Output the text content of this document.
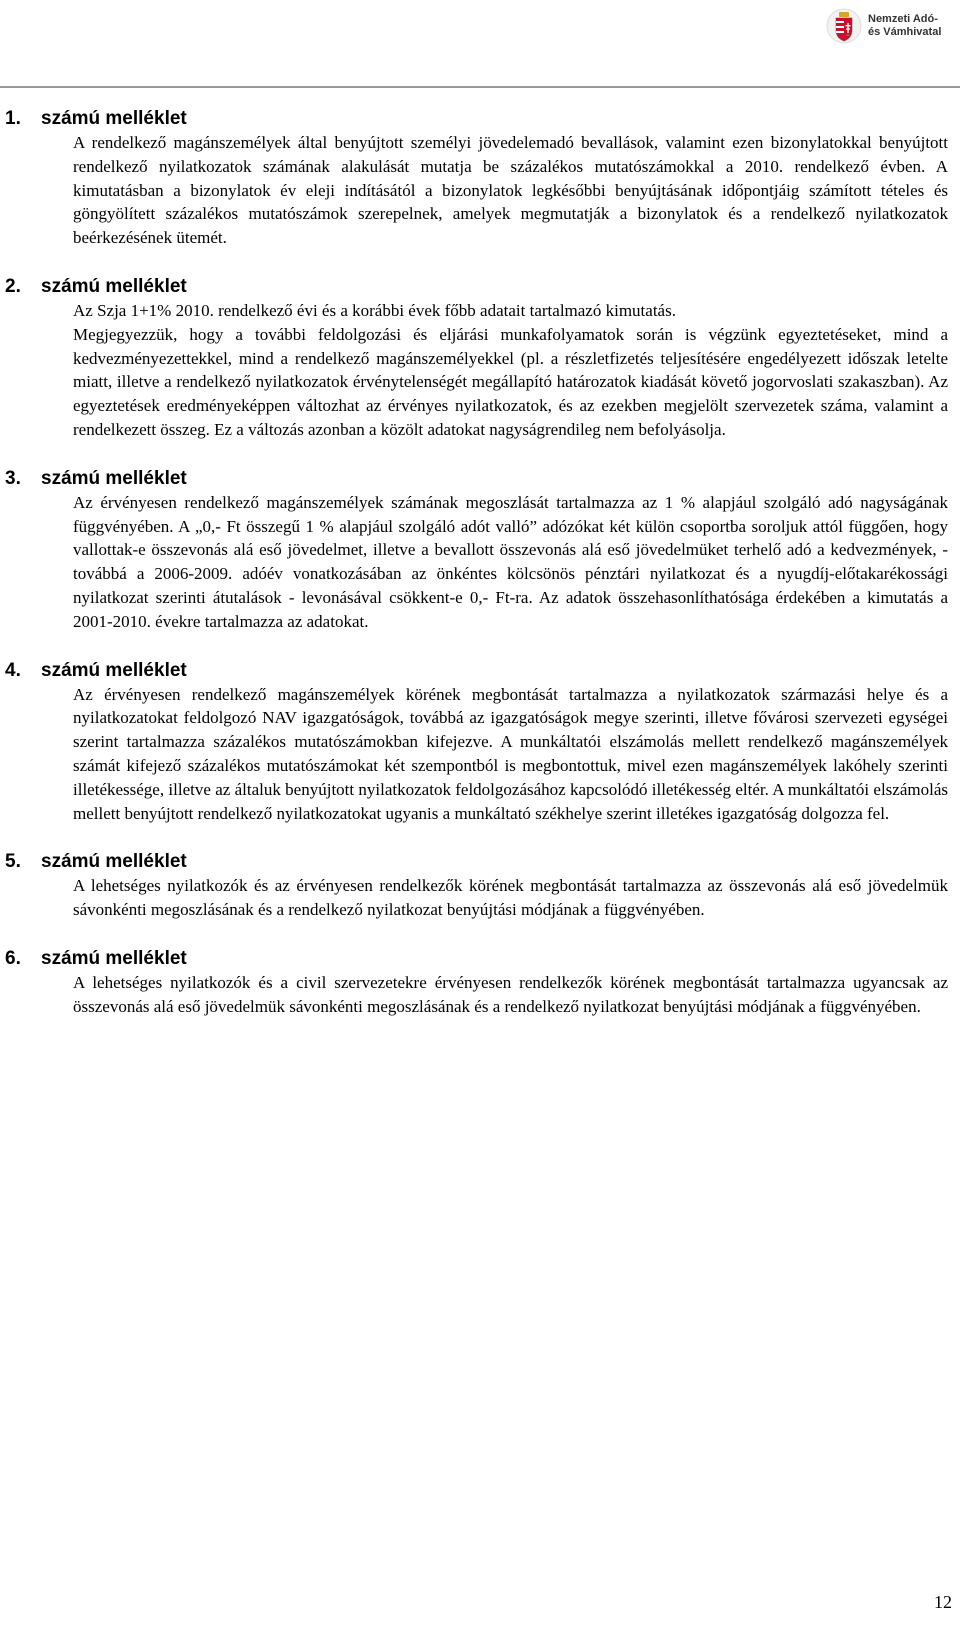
Nemzeti Adó-
és Vámhivatal
1.	számú melléklet

A rendelkező magánszemélyek által benyújtott személyi jövedelemadó bevallások, valamint ezen bizonylatokkal benyújtott rendelkező nyilatkozatok számának alakulását mutatja be százalékos mutatószámokkal a 2010. rendelkező évben. A kimutatásban a bizonylatok év eleji indításától a bizonylatok legkésőbbi benyújtásának időpontjáig számított tételes és göngyölített százalékos mutatószámok szerepelnek, amelyek megmutatják a bizonylatok és a rendelkező nyilatkozatok beérkezésének ütemét.

2.	számú melléklet

Az Szja 1+1% 2010. rendelkező évi és a korábbi évek főbb adatait tartalmazó kimutatás.

Megjegyezzük, hogy a további feldolgozási és eljárási munkafolyamatok során is végzünk egyeztetéseket, mind a kedvezményezettekkel, mind a rendelkező magánszemélyekkel (pl. a részletfizetés teljesítésére engedélyezett időszak letelte miatt, illetve a rendelkező nyilatkozatok érvénytelenségét megállapító határozatok kiadását követő jogorvoslati szakaszban). Az egyeztetések eredményeképpen változhat az érvényes nyilatkozatok, és az ezekben megjelölt szervezetek száma, valamint a rendelkezett összeg. Ez a változás azonban a közölt adatokat nagyságrendileg nem befolyásolja.

3.	számú melléklet

Az érvényesen rendelkező magánszemélyek számának megoszlását tartalmazza az 1 % alapjául szolgáló adó nagyságának függvényében. A „0,- Ft összegű 1 % alapjául szolgáló adót valló” adózókat két külön csoportba soroljuk attól függően, hogy vallottak-e összevonás alá eső jövedelmet, illetve a bevallott összevonás alá eső jövedelmüket terhelő adó a kedvezmények, - továbbá a 2006-2009. adóév vonatkozásában az önkéntes kölcsönös pénztári nyilatkozat és a nyugdíj-előtakarékossági nyilatkozat szerinti átutalások - levonásával csökkent-e 0,- Ft-ra. Az adatok összehasonlíthatósága érdekében a kimutatás a 2001-2010. évekre tartalmazza az adatokat.

4.	számú melléklet

Az érvényesen rendelkező magánszemélyek körének megbontását tartalmazza a nyilatkozatok származási helye és a nyilatkozatokat feldolgozó NAV igazgatóságok, továbbá az igazgatóságok megye szerinti, illetve fővárosi szervezeti egységei szerint tartalmazza százalékos mutatószámokban kifejezve. A munkáltatói elszámolás mellett rendelkező magánszemélyek számát kifejező százalékos mutatószámokat két szempontból is megbontottuk, mivel ezen magánszemélyek lakóhely szerinti illetékessége, illetve az általuk benyújtott nyilatkozatok feldolgozásához kapcsolódó illetékesség eltér. A munkáltatói elszámolás mellett benyújtott rendelkező nyilatkozatokat ugyanis a munkáltató székhelye szerint illetékes igazgatóság dolgozza fel.

5.	számú melléklet

A lehetséges nyilatkozók és az érvényesen rendelkezők körének megbontását tartalmazza az összevonás alá eső jövedelmük sávonkénti megoszlásának és a rendelkező nyilatkozat benyújtási módjának a függvényében.

6.	számú melléklet

A lehetséges nyilatkozók és a civil szervezetekre érvényesen rendelkezők körének megbontását tartalmazza ugyancsak az összevonás alá eső jövedelmük sávonkénti megoszlásának és a rendelkező nyilatkozat benyújtási módjának a függvényében.

12
